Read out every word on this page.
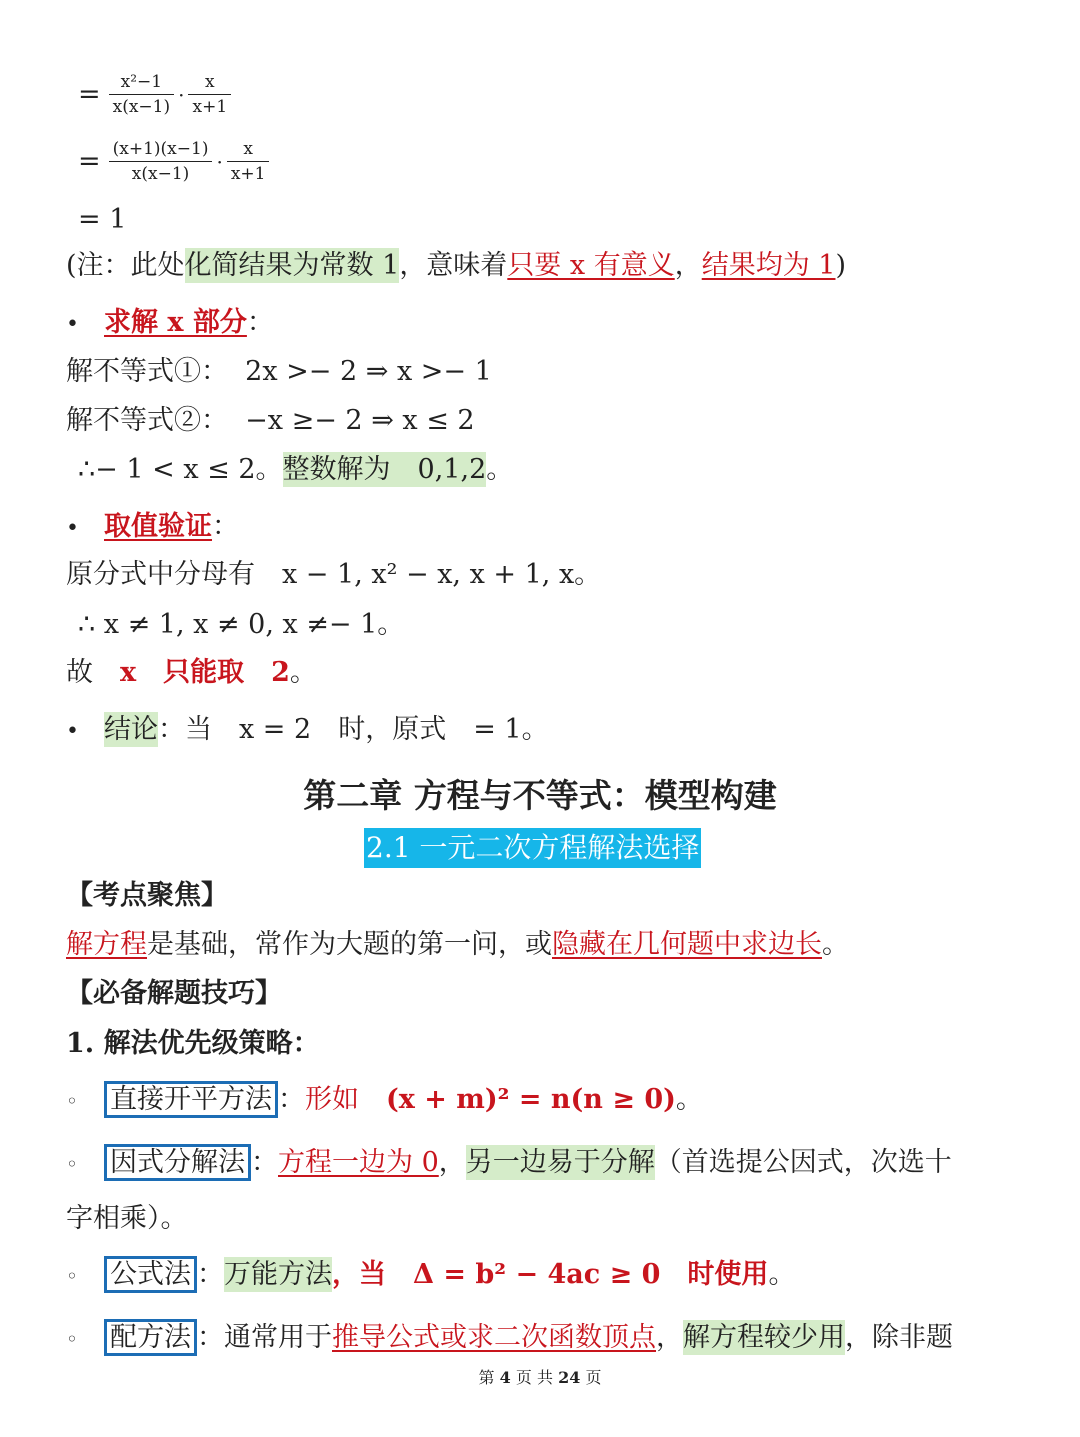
= $\frac{\text{x²−1}}{x(x-1)} \cdot \frac{x}{x+1}$
= $\frac{(x+1)(x-1)}{x(x-1)} \cdot \frac{x}{x+1}$
= 1
(注：此处化简结果为常数 1，意味着只要 x 有意义，结果均为 1)
• 求解 x 部分：
解不等式①： 2x >− 2 ⇒ x >− 1
解不等式②： −x ≥− 2 ⇒ x ≤ 2
∴− 1 < x ≤ 2。整数解为　0,1,2。
• 取值验证：
原分式中分母有　x − 1, x² − x, x + 1, x。
∴ x ≠ 1, x ≠ 0, x ≠− 1。
故　x　只能取　2。
• 结论：当　x = 2　时，原式　= 1。
第二章 方程与不等式：模型构建
2.1 一元二次方程解法选择
【考点聚焦】
解方程是基础，常作为大题的第一问，或隐藏在几何题中求边长。
【必备解题技巧】
1. 解法优先级策略：
◦ 直接开平方法 ：形如　(x + m)² = n(n ≥ 0)。
◦ 因式分解法 ：方程一边为 0，另一边易于分解（首选提公因式，次选十
字相乘）。
◦ 公式法 ：万能方法，当　Δ = b² − 4ac ≥ 0　时使用。
◦ 配方法 ：通常用于推导公式或求二次函数顶点，解方程较少用，除非题
第 4 页 共 24 页
